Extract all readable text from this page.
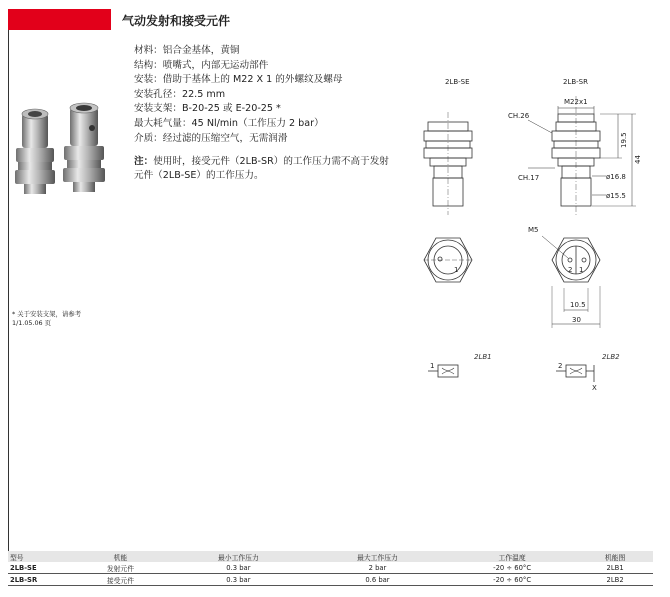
气动发射和接受元件
材料：铝合金基体，黄铜
结构：喷嘴式，内部无运动部件
安装：借助于基体上的 M22 X 1 的外螺纹及螺母
安装孔径：22.5 mm
安装支架：B-20-25 或 E-20-25 *
最大耗气量：45 Nl/min（工作压力 2 bar）
介质：经过滤的压缩空气，无需润滑
注：使用时，接受元件（2LB-SR）的工作压力需不高于发射元件（2LB-SE）的工作压力。
* 关于安装支架，请参考
1/1.05.06 页
2LB-SE	2LB-SR
CH.26
M22x1
CH.17	ø16.8
ø15.5
19.5
44
1
M5
2 1
10.5
30
2LB1
1
2LB2
2
X
型号	机能	最小工作压力	最大工作压力	工作温度	机能图
2LB-SE	发射元件	0.3 bar	2 bar	-20 ÷ 60°C	2LB1
2LB-SR	接受元件	0.3 bar	0.6 bar	-20 ÷ 60°C	2LB2
